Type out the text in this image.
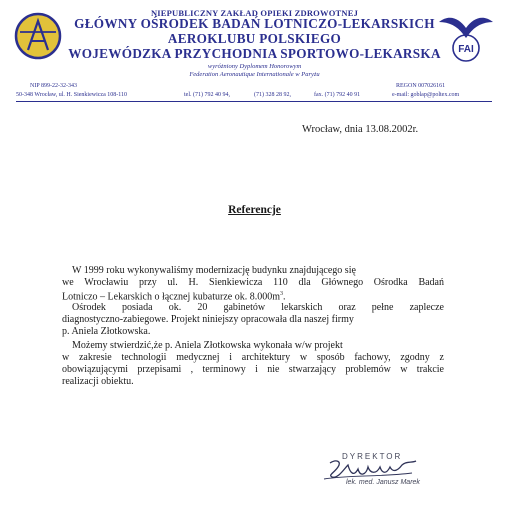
FAI
NIEPUBLICZNY ZAKŁAD OPIEKI ZDROWOTNEJ
GŁÓWNY OŚRODEK BADAŃ LOTNICZO-LEKARSKICH
AEROKLUBU POLSKIEGO
WOJEWÓDZKA PRZYCHODNIA SPORTOWO-LEKARSKA
wyróżniony Dyplomem Honorowym
Federation Aeronautique Internationale w Paryżu
NIP 899-22-32-343	REGON 007026161
50-348 Wrocław, ul. H. Sienkiewicza 108-110	tel. (71) 792 40 94,	(71) 328 28 92,	fax. (71) 792 40 91	e-mail: goblap@poltex.com
Wrocław, dnia 13.08.2002r.
Referencje
W 1999 roku wykonywaliśmy modernizację budynku znajdującego się
we Wrocławiu przy ul. H. Sienkiewicza 110 dla Głównego Ośrodka Badań
Lotniczo – Lekarskich o łącznej kubaturze ok. $8.000m^3$.
Ośrodek posiada ok. 20 gabinetów lekarskich oraz pełne zaplecze
diagnostyczno-zabiegowe. Projekt niniejszy opracowała dla naszej firmy
p. Aniela Złotkowska.
Możemy stwierdzić,że p. Aniela Złotkowska wykonała w/w projekt
w zakresie technologii medycznej i architektury w sposób fachowy, zgodny z
obowiązującymi przepisami , terminowy i nie stwarzający problemów w trakcie
realizacji obiektu.
DYREKTOR
lek. med. Janusz Marek
